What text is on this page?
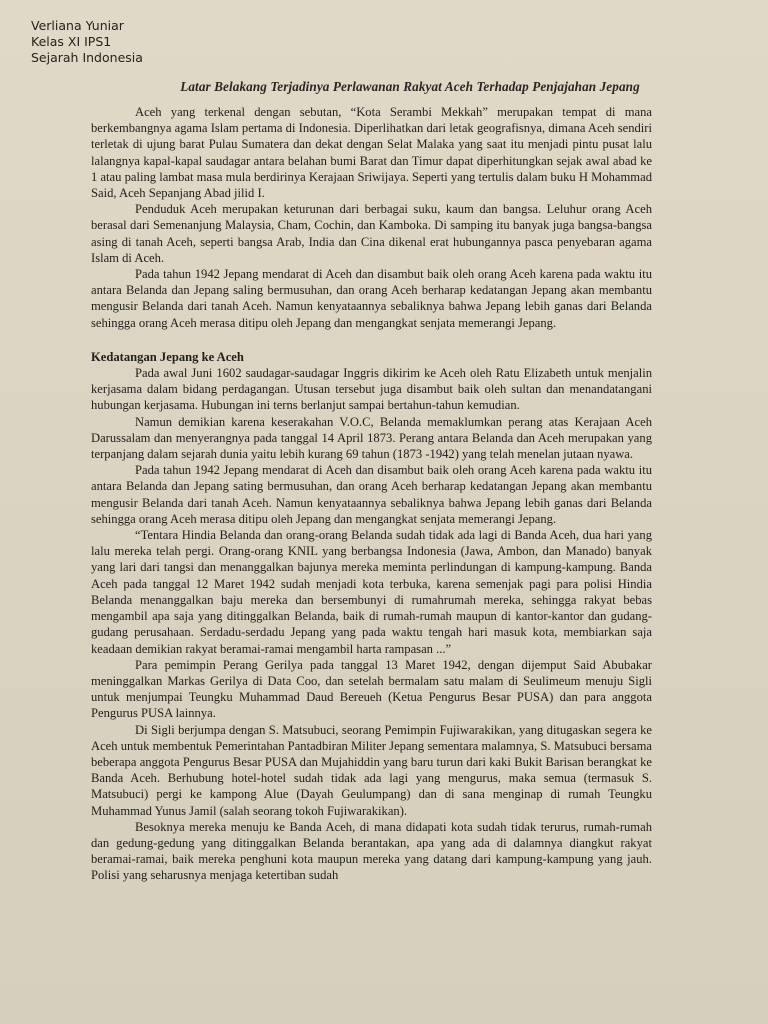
Verliana Yuniar
Kelas XI IPS1
Sejarah Indonesia
Latar Belakang Terjadinya Perlawanan Rakyat Aceh Terhadap Penjajahan Jepang

Aceh yang terkenal dengan sebutan, “Kota Serambi Mekkah” merupakan tempat di mana berkembangnya agama Islam pertama di Indonesia. Diperlihatkan dari letak geografisnya, dimana Aceh sendiri terletak di ujung barat Pulau Sumatera dan dekat dengan Selat Malaka yang saat itu menjadi pintu pusat lalu lalangnya kapal-kapal saudagar antara belahan bumi Barat dan Timur dapat diperhitungkan sejak awal abad ke 1 atau paling lambat masa mula berdirinya Kerajaan Sriwijaya. Seperti yang tertulis dalam buku H Mohammad Said, Aceh Sepanjang Abad jilid I.

Penduduk Aceh merupakan keturunan dari berbagai suku, kaum dan bangsa. Leluhur orang Aceh berasal dari Semenanjung Malaysia, Cham, Cochin, dan Kamboka. Di samping itu banyak juga bangsa-bangsa asing di tanah Aceh, seperti bangsa Arab, India dan Cina dikenal erat hubungannya pasca penyebaran agama Islam di Aceh.

Pada tahun 1942 Jepang mendarat di Aceh dan disambut baik oleh orang Aceh karena pada waktu itu antara Belanda dan Jepang saling bermusuhan, dan orang Aceh berharap kedatangan Jepang akan membantu mengusir Belanda dari tanah Aceh. Namun kenyataannya sebaliknya bahwa Jepang lebih ganas dari Belanda sehingga orang Aceh merasa ditipu oleh Jepang dan mengangkat senjata memerangi Jepang.

Kedatangan Jepang ke Aceh

Pada awal Juni 1602 saudagar-saudagar Inggris dikirim ke Aceh oleh Ratu Elizabeth untuk menjalin kerjasama dalam bidang perdagangan. Utusan tersebut juga disambut baik oleh sultan dan menandatangani hubungan kerjasama. Hubungan ini terns berlanjut sampai bertahun-tahun kemudian.

Namun demikian karena keserakahan V.O.C, Belanda memaklumkan perang atas Kerajaan Aceh Darussalam dan menyerangnya pada tanggal 14 April 1873. Perang antara Belanda dan Aceh merupakan yang terpanjang dalam sejarah dunia yaitu lebih kurang 69 tahun (1873 -1942) yang telah menelan jutaan nyawa.

Pada tahun 1942 Jepang mendarat di Aceh dan disambut baik oleh orang Aceh karena pada waktu itu antara Belanda dan Jepang sating bermusuhan, dan orang Aceh berharap kedatangan Jepang akan membantu mengusir Belanda dari tanah Aceh. Namun kenyataannya sebaliknya bahwa Jepang lebih ganas dari Belanda sehingga orang Aceh merasa ditipu oleh Jepang dan mengangkat senjata memerangi Jepang.

“Tentara Hindia Belanda dan orang-orang Belanda sudah tidak ada lagi di Banda Aceh, dua hari yang lalu mereka telah pergi. Orang-orang KNIL yang berbangsa Indonesia (Jawa, Ambon, dan Manado) banyak yang lari dari tangsi dan menanggalkan bajunya mereka meminta perlindungan di kampung-kampung. Banda Aceh pada tanggal 12 Maret 1942 sudah menjadi kota terbuka, karena semenjak pagi para polisi Hindia Belanda menanggalkan baju mereka dan bersembunyi di rumahrumah mereka, sehingga rakyat bebas mengambil apa saja yang ditinggalkan Belanda, baik di rumah-rumah maupun di kantor-kantor dan gudang-gudang perusahaan. Serdadu-serdadu Jepang yang pada waktu tengah hari masuk kota, membiarkan saja keadaan demikian rakyat beramai-ramai mengambil harta rampasan ...”

Para pemimpin Perang Gerilya pada tanggal 13 Maret 1942, dengan dijemput Said Abubakar meninggalkan Markas Gerilya di Data Coo, dan setelah bermalam satu malam di Seulimeum menuju Sigli untuk menjumpai Teungku Muhammad Daud Bereueh (Ketua Pengurus Besar PUSA) dan para anggota Pengurus PUSA lainnya.

Di Sigli berjumpa dengan S. Matsubuci, seorang Pemimpin Fujiwarakikan, yang ditugaskan segera ke Aceh untuk membentuk Pemerintahan Pantadbiran Militer Jepang sementara malamnya, S. Matsubuci bersama beberapa anggota Pengurus Besar PUSA dan Mujahiddin yang baru turun dari kaki Bukit Barisan berangkat ke Banda Aceh. Berhubung hotel-hotel sudah tidak ada lagi yang mengurus, maka semua (termasuk S. Matsubuci) pergi ke kampong Alue (Dayah Geulumpang) dan di sana menginap di rumah Teungku Muhammad Yunus Jamil (salah seorang tokoh Fujiwarakikan).

Besoknya mereka menuju ke Banda Aceh, di mana didapati kota sudah tidak terurus, rumah-rumah dan gedung-gedung yang ditinggalkan Belanda berantakan, apa yang ada di dalamnya diangkut rakyat beramai-ramai, baik mereka penghuni kota maupun mereka yang datang dari kampung-kampung yang jauh. Polisi yang seharusnya menjaga ketertiban sudah
